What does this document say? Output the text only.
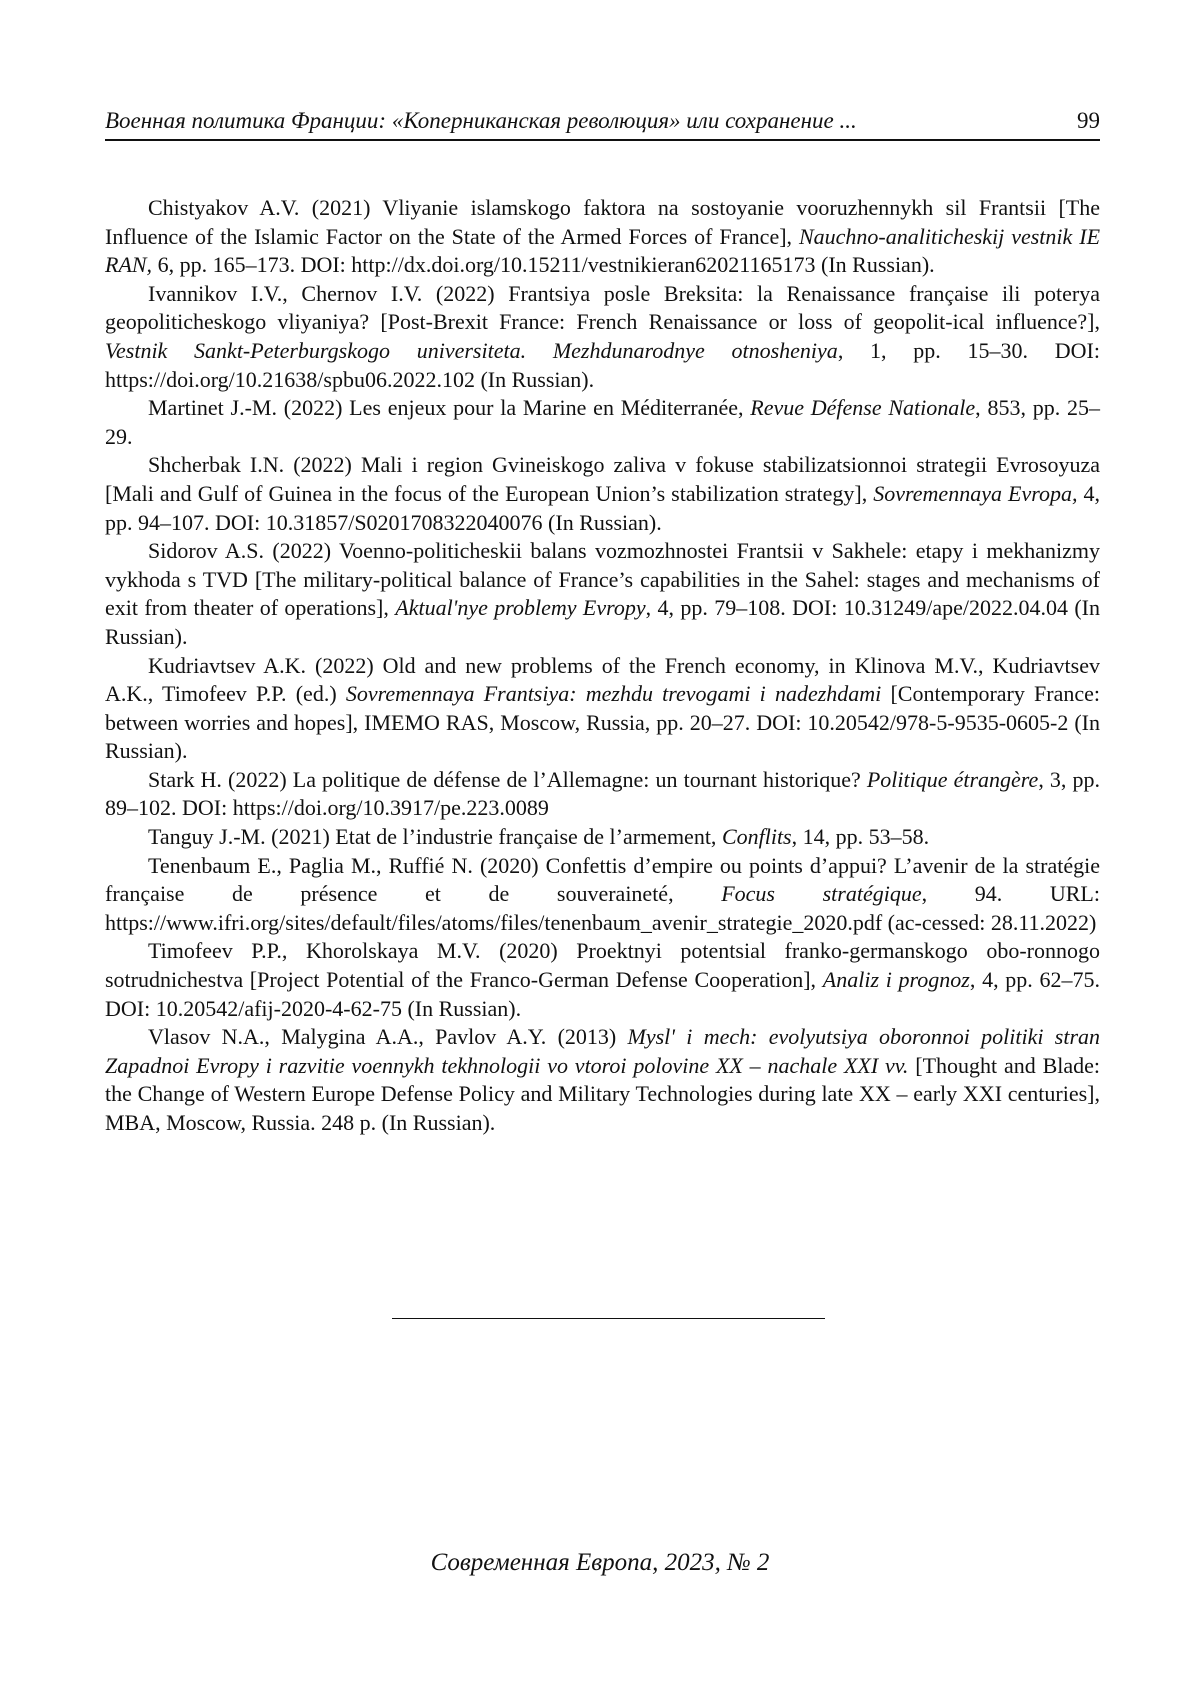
Военная политика Франции: «Коперниканская революция» или сохранение ...	99

Chistyakov A.V. (2021) Vliyanie islamskogo faktora na sostoyanie vooruzhennykh sil Frantsii [The Influence of the Islamic Factor on the State of the Armed Forces of France], Nauchno-analiticheskij vestnik IE RAN, 6, pp. 165–173. DOI: http://dx.doi.org/10.15211/vestnikieran62021165173 (In Russian).

Ivannikov I.V., Chernov I.V. (2022) Frantsiya posle Breksita: la Renaissance française ili poterya geopoliticheskogo vliyaniya? [Post-Brexit France: French Renaissance or loss of geopolit-ical influence?], Vestnik Sankt-Peterburgskogo universiteta. Mezhdunarodnye otnosheniya, 1, pp. 15–30. DOI: https://doi.org/10.21638/spbu06.2022.102 (In Russian).

Martinet J.-M. (2022) Les enjeux pour la Marine en Méditerranée, Revue Défense Nationale, 853, pp. 25–29.

Shcherbak I.N. (2022) Mali i region Gvineiskogo zaliva v fokuse stabilizatsionnoi strategii Evrosoyuza [Mali and Gulf of Guinea in the focus of the European Union’s stabilization strategy], Sovremennaya Evropa, 4, pp. 94–107. DOI: 10.31857/S0201708322040076 (In Russian).

Sidorov A.S. (2022) Voenno-politicheskii balans vozmozhnostei Frantsii v Sakhele: etapy i mekhanizmy vykhoda s TVD [The military-political balance of France’s capabilities in the Sahel: stages and mechanisms of exit from theater of operations], Aktual'nye problemy Evropy, 4, pp. 79–108. DOI: 10.31249/ape/2022.04.04 (In Russian).

Kudriavtsev A.K. (2022) Old and new problems of the French economy, in Klinova M.V., Kudriavtsev A.K., Timofeev P.P. (ed.) Sovremennaya Frantsiya: mezhdu trevogami i nadezhdami [Contemporary France: between worries and hopes], IMEMO RAS, Moscow, Russia, pp. 20–27. DOI: 10.20542/978-5-9535-0605-2 (In Russian).

Stark H. (2022) La politique de défense de l’Allemagne: un tournant historique? Politique étrangère, 3, pp. 89–102. DOI: https://doi.org/10.3917/pe.223.0089

Tanguy J.-M. (2021) Etat de l’industrie française de l’armement, Conflits, 14, pp. 53–58.

Tenenbaum E., Paglia M., Ruffié N. (2020) Confettis d’empire ou points d’appui? L’avenir de la stratégie française de présence et de souveraineté, Focus stratégique, 94. URL: https://www.ifri.org/sites/default/files/atoms/files/tenenbaum_avenir_strategie_2020.pdf (ac-cessed: 28.11.2022)

Timofeev P.P., Khorolskaya M.V. (2020) Proektnyi potentsial franko-germanskogo obo-ronnogo sotrudnichestva [Project Potential of the Franco-German Defense Cooperation], Analiz i prognoz, 4, pp. 62–75. DOI: 10.20542/afij-2020-4-62-75 (In Russian).

Vlasov N.A., Malygina A.A., Pavlov A.Y. (2013) Mysl' i mech: evolyutsiya oboronnoi politiki stran Zapadnoi Evropy i razvitie voennykh tekhnologii vo vtoroi polovine XX – nachale XXI vv. [Thought and Blade: the Change of Western Europe Defense Policy and Military Technologies during late XX – early XXI centuries], MBA, Moscow, Russia. 248 p. (In Russian).

Современная Европа, 2023, № 2
